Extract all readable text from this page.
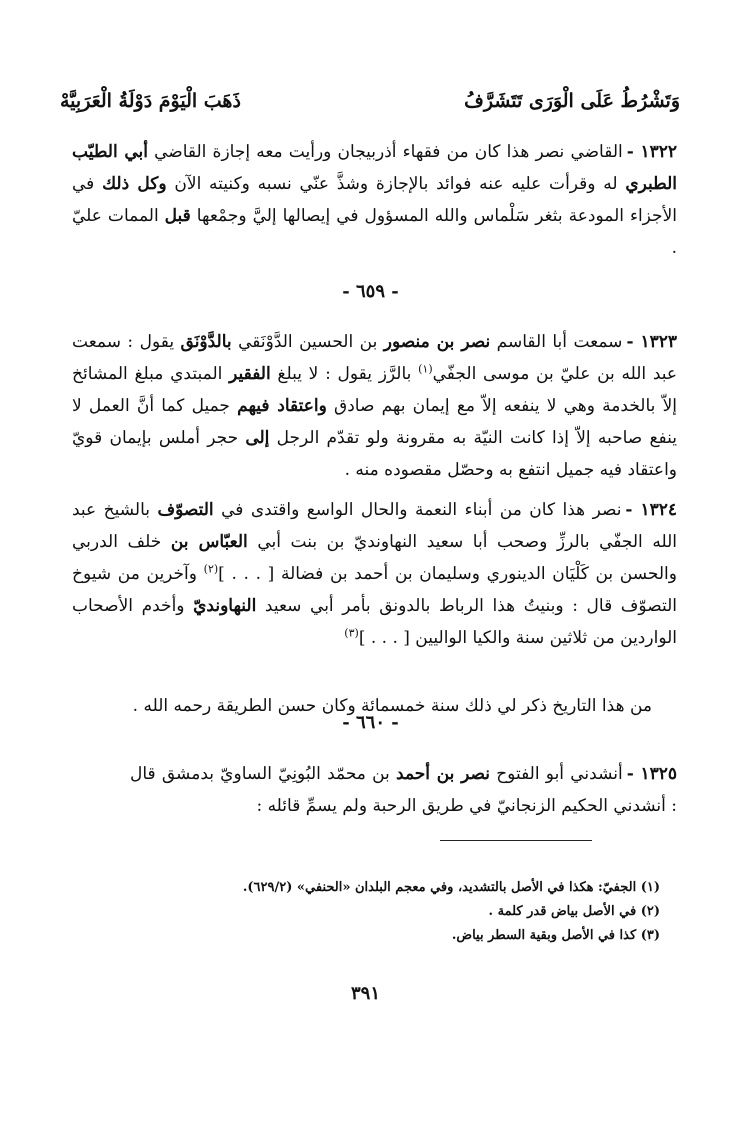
وَتَشْرُطُ عَلَى الْوَرَى تَتَشَرَّفُ
ذَهَبَ الْيَوْمَ دَوْلَةُ الْعَرَبِيَّهْ

١٣٢٢ -القاضي نصر هذا كان من فقهاء أذربيجان ورأيت معه إجازة القاضي أبي الطيّب الطبري له وقرأت عليه عنه فوائد بالإجازة وشذَّ عنّي نسبه وكنيته الآن وكل ذلك في الأجزاء المودعة بثغر سَلْماس والله المسؤول في إيصالها إليَّ وجمْعها قبل الممات عليّ .

- ٦٥٩ -

١٣٢٣ -سمعت أبا القاسم نصر بن منصور بن الحسين الدَّوْنَقي بالدَّوْنَق يقول : سمعت عبد الله بن عليّ بن موسى الجفّي$^{(١)}$ بالرَّز يقول : لا يبلغ الفقير المبتدي مبلغ المشائخ إلاّ بالخدمة وهي لا ينفعه إلاّ مع إيمان بهم صادق واعتقاد فيهم جميل كما أنَّ العمل لا ينفع صاحبه إلاّ إذا كانت النيّة به مقرونة ولو تقدّم الرجل إلى حجر أملس بإيمان قويّ واعتقاد فيه جميل انتفع به وحصّل مقصوده منه .

١٣٢٤ -نصر هذا كان من أبناء النعمة والحال الواسع واقتدى في التصوّف بالشيخ عبد الله الجفّي بالرزِّ وصحب أبا سعيد النهاونديّ بن بنت أبي العبّاس بن خلف الدربي والحسن بن كَلْيَان الدينوري وسليمان بن أحمد بن فضالة [ . . . ]$^{(٢)}$ وآخرين من شيوخ التصوّف قال : وبنيتُ هذا الرباط بالدونق بأمر أبي سعيد النهاونديّ وأخدم الأصحاب الواردين من ثلاثين سنة والكيا الواليين [ . . . ]$^{(٣)}$

من هذا التاريخ ذكر لي ذلك سنة خمسمائة وكان حسن الطريقة رحمه الله .

- ٦٦٠ -

١٣٢٥ -أنشدني أبو الفتوح نصر بن أحمد بن محمّد البُونِيّ الساويّ بدمشق قال : أنشدني الحكيم الزنجانيّ في طريق الرحبة ولم يسمِّ قائله :

(١) الجفيّ: هكذا في الأصل بالتشديد، وفي معجم البلدان «الحنفي» (٦٢٩/٢).
(٢) في الأصل بياض قدر كلمة .
(٣) كذا في الأصل وبقية السطر بياض.
٣٩١
